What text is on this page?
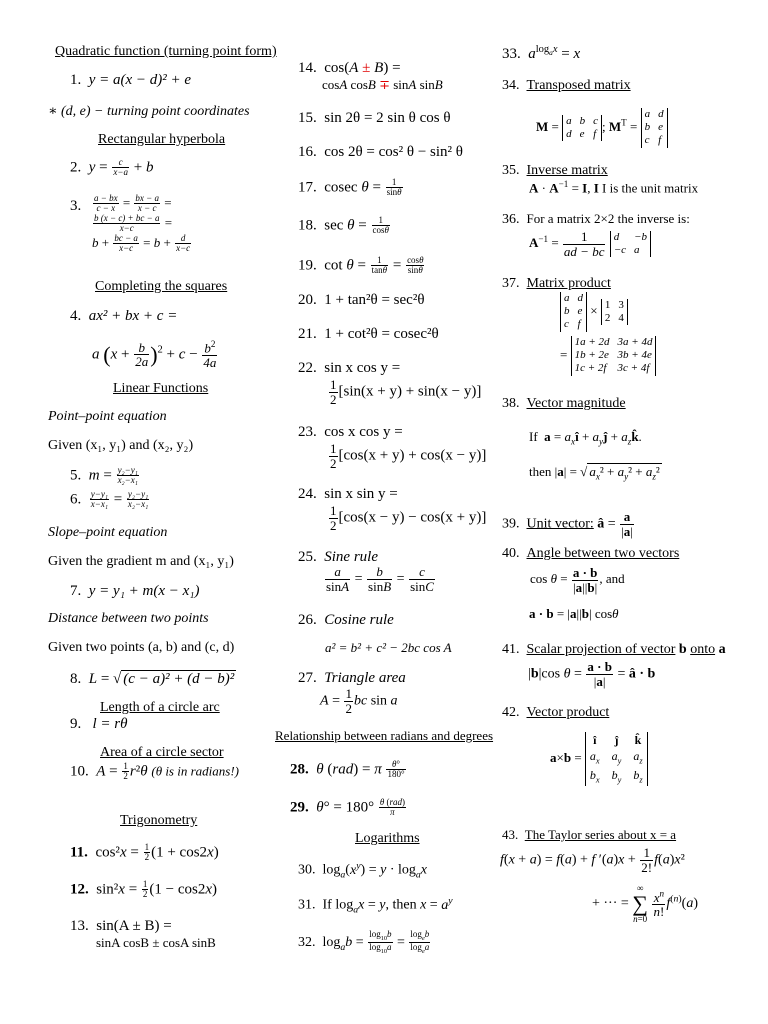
Quadratic function (turning point form)
1. y = a(x − d)² + e
∗ (d, e) − turning point coordinates
Rectangular hyperbola
2. $y = \frac{c}{x-a} + b$
3. $\frac{a - bx}{c - x} = \frac{bx - a}{x - c}$ =

$\frac{b (x - c) + bc - a}{x-c}$ =
$b + \frac{bc - a}{x-c} = b + \frac{d}{x-c}$
Completing the squares
4. ax² + bx + c =
a $(x + \frac{b}{2a} )^2 + c - \frac{b^2}{4a}$
Linear Functions
Point–point equation
Given (x₁, y₁) and (x₂, y₂)
5. $m = \frac{\text{y₂−y₁}}{\text{x₂−x₁}}$
6. $\frac{\text{y−y₁}}{\text{x−x₁}} = \frac{\text{y₂−y₁}}{\text{x₂−x₁}}$
Slope–point equation
Given the gradient m and (x₁, y₁)
7. y = y₁ + m(x − x₁)
Distance between two points
Given two points (a, b) and (c, d)
8. L = √ (c − a)² + (d − b)²
Length of a circle arc
9. l = rθ
Area of a circle sector
10. $A = \frac{1}{2} r^2\theta$ (θ is in radians!)
Trigonometry
11.  $\cos^2x = \frac{1}{2} (1 + \cos 2x)$
12.  $\sin^2x = \frac{1}{2} (1 - \cos 2x)$
13. sin(A ± B) =
sinA cosB ± cosA sinB
14.  cos(A ± B) =
cosA cosB ∓ sinA sinB
15. sin 2θ = 2 sin θ cos θ
16. cos 2θ = cos² θ − sin² θ
17.  cosec $\theta = \frac{1}{\sin\theta}$
18.  $\sec \theta = \frac{1}{\cos\theta}$
19.  $\cot \theta = \frac{1}{\tan\theta} = \frac{\cos\theta}{\sin\theta}$
20. 1 + tan²θ = sec²θ
21. 1 + cot²θ = cosec²θ
22. sin x cos y =
$\frac{1}{2} [\sin(x + y) + \sin(x - y)]$
23. cos x cos y =
$\frac{1}{2} [\cos(x + y) + \cos(x - y)]$
24. sin x sin y =
$\frac{1}{2} [\cos(x - y) - \cos(x + y)]$
25. Sine rule
$\frac{a}{\sin A} = \frac{b}{\sin B} = \frac{c}{\sin C}$
26. Cosine rule
a² = b² + c² − 2bc cos A
27. Triangle area
$A = \frac{1}{2}$ bc sin a
Relationship between radians and degrees
28. θ (rad) = π $\frac{\theta^\circ}{180^\circ}$
29. $\theta^\circ = 180^\circ \frac{\text{θ (rad)}}{\pi}$
Logarithms
30.  $\log_a(x^y) = y \cdot \log_ax$
31.  If $\log_ax = y$, then $x = a^y$
32.  $\log_ab = \frac{\log_{10}b}{\log_{10}a} = \frac{\log_eb}{\log_ea}$
33. $a^{log_ax} = x$
34. Transposed matrix
M = a b c
d e f
; $M^T$ =
a d
b e
c f
35. Inverse matrix
$A \cdot A^{-1} = I$, I I is the unit matrix
36. For a matrix 2×2 the inverse is:
$A^{-1} = \frac{1}{ad - bc}$
d	−b
−c a
37. Matrix product
a d
b e
c f
× 1 3
2 4
=
1a + 2d 3a + 4d
1b + 2e 3b + 4e
1c + 2f 3c + 4f
38. Vector magnitude
If  $a = a_xî$ + $a_yĵ$ + $a_zk̂$.
then |a| = √ $a_x^2 + a_y^2 + a_z^2$
39. Unit vector: â = $\frac{a}{|a|}$
40. Angle between two vectors
$\cos \theta = \frac{a \cdot b}{|a||b|}$ , and
a · b = |a||b| cosθ
41. Scalar projection of vector b onto a
|b|cos $\theta = \frac{a \cdot b}{|a|}$ = â · b
42. Vector product
a×b =
î ĵ k̂
$a_x$ $a_y$ $a_z$
$b_x$ $b_y$ $b_z$
43. The Taylor series about x = a
f(x + a) = f(a) + f $'(a)x + \frac{1}{2!} f(a)x^2$
+ ··· =
∞
∑
n=0

$\frac{x^n}{n!} f^{(n)}(a)$
